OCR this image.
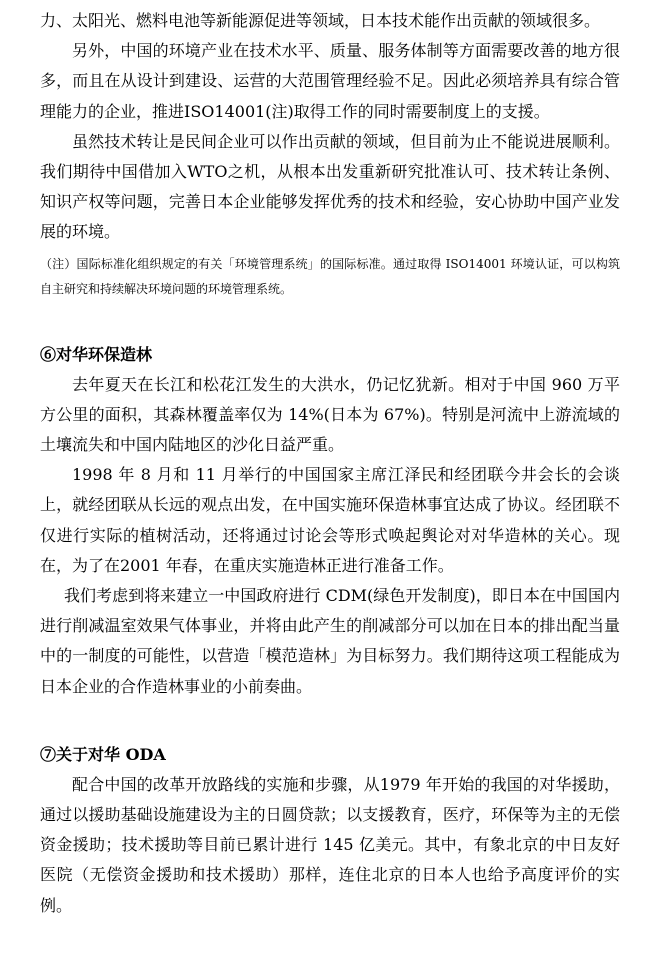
力、太阳光、燃料电池等新能源促进等领域，日本技术能作出贡献的领域很多。

另外，中国的环境产业在技术水平、质量、服务体制等方面需要改善的地方很多，而且在从设计到建设、运营的大范围管理经验不足。因此必须培养具有综合管理能力的企业，推进ISO14001(注)取得工作的同时需要制度上的支援。

虽然技术转让是民间企业可以作出贡献的领域，但目前为止不能说进展顺利。我们期待中国借加入WTO之机，从根本出发重新研究批准认可、技术转让条例、知识产权等问题，完善日本企业能够发挥优秀的技术和经验，安心协助中国产业发展的环境。

（注）国际标准化组织规定的有关「环境管理系统」的国际标准。通过取得 ISO14001 环境认证，可以构筑自主研究和持续解决环境问题的环境管理系统。

⑥对华环保造林

去年夏天在长江和松花江发生的大洪水，仍记忆犹新。相对于中国 960 万平方公里的面积，其森林覆盖率仅为 14%(日本为 67%)。特别是河流中上游流域的土壤流失和中国内陆地区的沙化日益严重。

1998 年 8 月和 11 月举行的中国国家主席江泽民和经团联今井会长的会谈上，就经团联从长远的观点出发，在中国实施环保造林事宜达成了协议。经团联不仅进行实际的植树活动，还将通过讨论会等形式唤起舆论对对华造林的关心。现在，为了在2001 年春，在重庆实施造林正进行准备工作。

我们考虑到将来建立一中国政府进行 CDM(绿色开发制度)，即日本在中国国内进行削减温室效果气体事业，并将由此产生的削减部分可以加在日本的排出配当量中的一制度的可能性，以营造「模范造林」为目标努力。我们期待这项工程能成为日本企业的合作造林事业的小前奏曲。

⑦关于对华 ODA

配合中国的改革开放路线的实施和步骤，从1979 年开始的我国的对华援助，通过以援助基础设施建设为主的日圆贷款；以支援教育，医疗，环保等为主的无偿资金援助；技术援助等目前已累计进行 145 亿美元。其中，有象北京的中日友好医院（无偿资金援助和技术援助）那样，连住北京的日本人也给予高度评价的实例。
